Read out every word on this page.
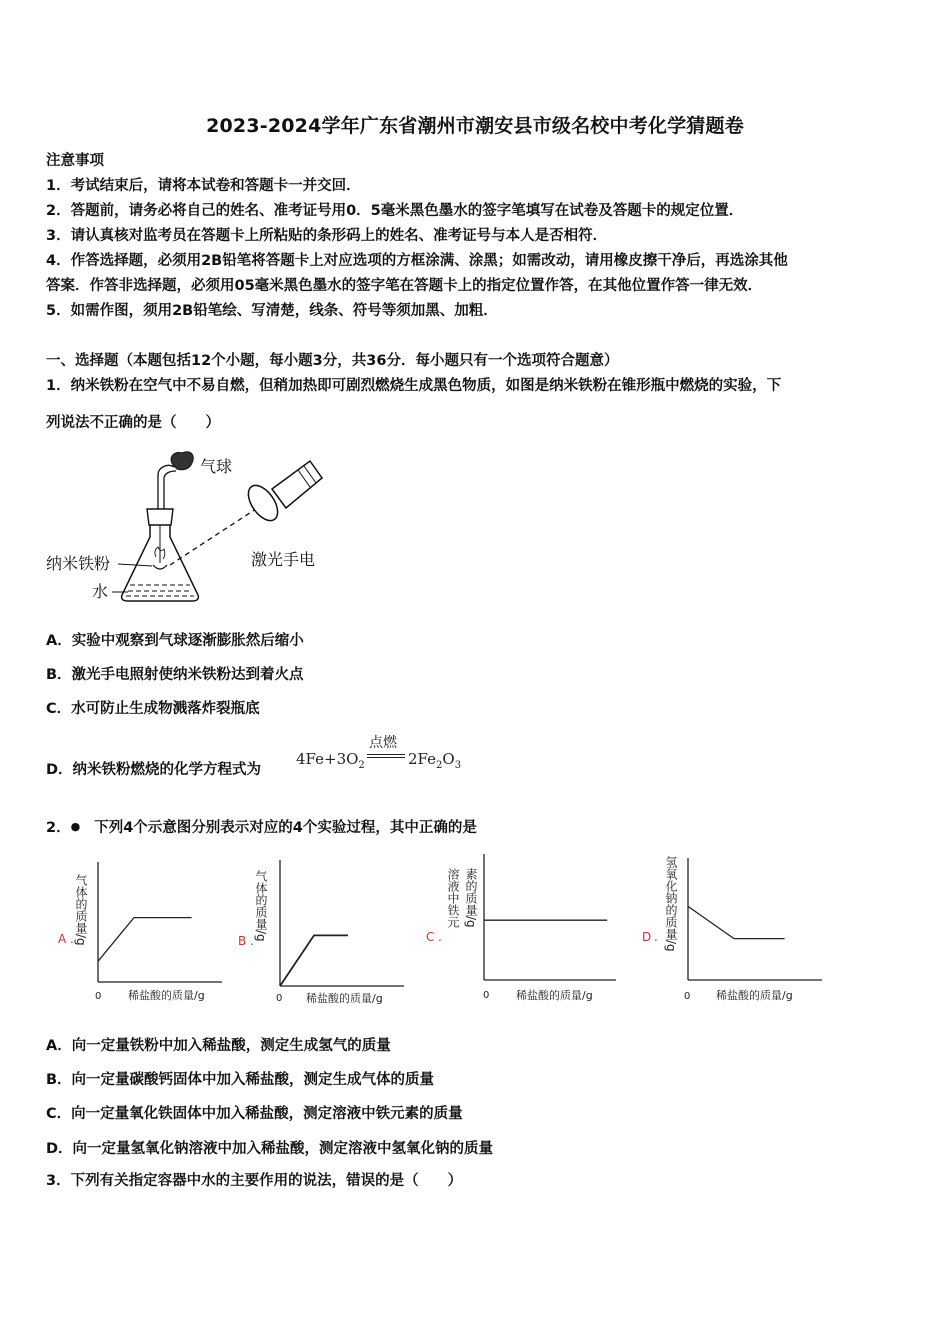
2023-2024学年广东省潮州市潮安县市级名校中考化学猜题卷
注意事项
1．考试结束后，请将本试卷和答题卡一并交回．
2．答题前，请务必将自己的姓名、准考证号用0．5毫米黑色墨水的签字笔填写在试卷及答题卡的规定位置．
3．请认真核对监考员在答题卡上所粘贴的条形码上的姓名、准考证号与本人是否相符．
4．作答选择题，必须用2B铅笔将答题卡上对应选项的方框涂满、涂黑；如需改动，请用橡皮擦干净后，再选涂其他
答案．作答非选择题，必须用05毫米黑色墨水的签字笔在答题卡上的指定位置作答，在其他位置作答一律无效．
5．如需作图，须用2B铅笔绘、写清楚，线条、符号等须加黑、加粗．
一、选择题（本题包括12个小题，每小题3分，共36分．每小题只有一个选项符合题意）
1．纳米铁粉在空气中不易自燃，但稍加热即可剧烈燃烧生成黑色物质，如图是纳米铁粉在锥形瓶中燃烧的实验，下
列说法不正确的是（　　）
气球
纳米铁粉
水
激光手电
A．实验中观察到气球逐渐膨胀然后缩小
B．激光手电照射使纳米铁粉达到着火点
C．水可防止生成物溅落炸裂瓶底
D．纳米铁粉燃烧的化学方程式为
$4Fe+3O_2$
点燃
$2Fe_2O_3$
2．● 下列4个示意图分别表示对应的4个实验过程，其中正确的是
气体的质量/g
A .
0 稀盐酸的质量/g
气体的质量/g
B .
0 稀盐酸的质量/g
溶液中铁元 素的质量/g
C .
0 稀盐酸的质量/g
氢氧化钠的质量/g
D .
0 稀盐酸的质量/g
A．向一定量铁粉中加入稀盐酸，测定生成氢气的质量
B．向一定量碳酸钙固体中加入稀盐酸，测定生成气体的质量
C．向一定量氧化铁固体中加入稀盐酸，测定溶液中铁元素的质量
D．向一定量氢氧化钠溶液中加入稀盐酸，测定溶液中氢氧化钠的质量
3．下列有关指定容器中水的主要作用的说法，错误的是（　　）
